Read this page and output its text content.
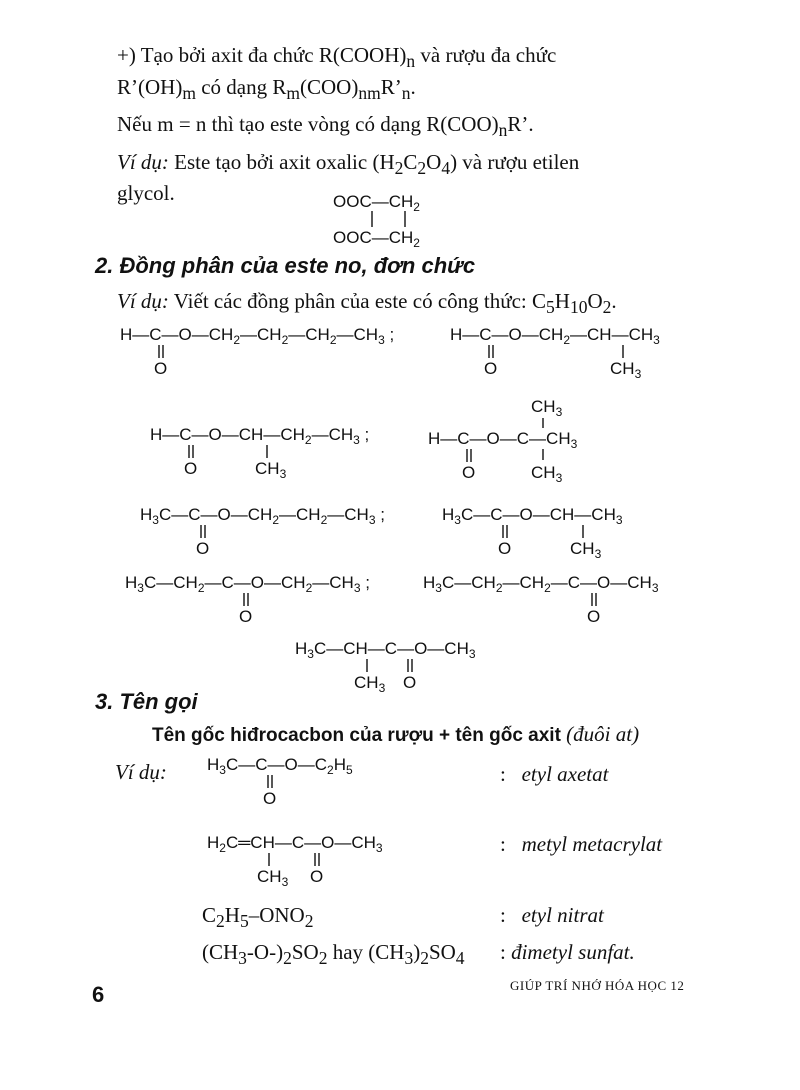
+) Tạo bởi axit đa chức $R(COOH)_n$ và rượu đa chức
$R’(OH)_m$ có dạng $R_m(COO)_{nm}R’_n$.
Nếu m = n thì tạo este vòng có dạng $R(COO)_nR$’.
Ví dụ: Este tạo bởi axit oxalic $(H_2C_2O_4)$ và rượu etilen
glycol.	$OOC—CH_2$
$OOC—CH_2$
2. Đồng phân của este no, đơn chức
Ví dụ: Viết các đồng phân của este có công thức: $C_5H_{10}O_2$.
$H—C—O—CH_2—CH_2—CH_2—CH_3$ ;
O
$H—C—O—CH_2—CH—CH_3$
O	$CH_3$
$H—C—O—CH—CH_2—CH_3$ ;
O	$CH_3$
$CH_3$
$H—C—O—C—CH_3$
O	$CH_3$
$H_3C—C—O—CH_2—CH_2—CH_3$ ;
O
$H_3C—C—O—CH—CH_3$
O	$CH_3$
$H_3C—CH_2—C—O—CH_2—CH_3$ ;
O
$H_3C—CH_2—CH_2—C—O—CH_3$
O
$H_3C—CH—C—O—CH_3$
$CH_3$ O
3. Tên gọi
Tên gốc hiđrocacbon của rượu + tên gốc axit (đuôi at)
Ví dụ: $H_3C—C—O—C_2H_5$
O
: etyl axetat
$H_2C═CH—C—O—CH_3$
$CH_3$ O
: metyl metacrylat
$C_2H_5-ONO_2$	: etyl nitrat
$(CH_3-O-)_2SO_2$ hay $(CH_3)_2SO_4$ : đimetyl sunfat.
6	GIÚP TRÍ NHỚ HÓA HỌC 12
